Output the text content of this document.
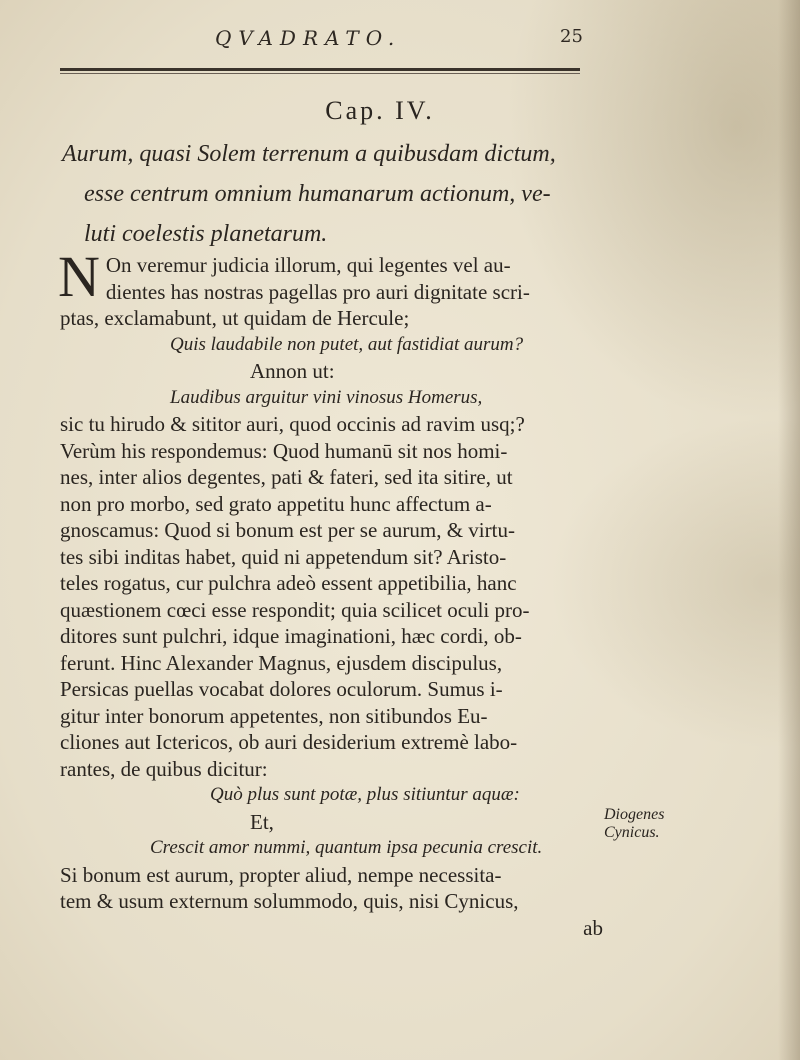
QVADRATO.	25
Cap. IV.
Aurum, quasi Solem terrenum a quibusdam dictum,
esse centrum omnium humanarum actionum, ve-
luti coelestis planetarum.
N On veremur judicia illorum, qui legentes vel au-
dientes has nostras pagellas pro auri dignitate scri-
ptas, exclamabunt, ut quidam de Hercule;
Quis laudabile non putet, aut fastidiat aurum?
Annon ut:
Laudibus arguitur vini vinosus Homerus,
sic tu hirudo & sititor auri, quod occinis ad ravim usq;?
Verùm his respondemus: Quod humanū sit nos homi-
nes, inter alios degentes, pati & fateri, sed ita sitire, ut
non pro morbo, sed grato appetitu hunc affectum a-
gnoscamus: Quod si bonum est per se aurum, & virtu-
tes sibi inditas habet, quid ni appetendum sit? Aristo-
teles rogatus, cur pulchra adeò essent appetibilia, hanc
quæstionem cœci esse respondit; quia scilicet oculi pro-
ditores sunt pulchri, idque imaginationi, hæc cordi, ob-
ferunt. Hinc Alexander Magnus, ejusdem discipulus,
Persicas puellas vocabat dolores oculorum. Sumus i-
gitur inter bonorum appetentes, non sitibundos Eu-
cliones aut Ictericos, ob auri desiderium extremè labo-
rantes, de quibus dicitur:
Quò plus sunt potæ, plus sitiuntur aquæ:
Et,
Crescit amor nummi, quantum ipsa pecunia crescit.
Si bonum est aurum, propter aliud, nempe necessita-
tem & usum externum solummodo, quis, nisi Cynicus,
ab
Diogenes
Cynicus.
